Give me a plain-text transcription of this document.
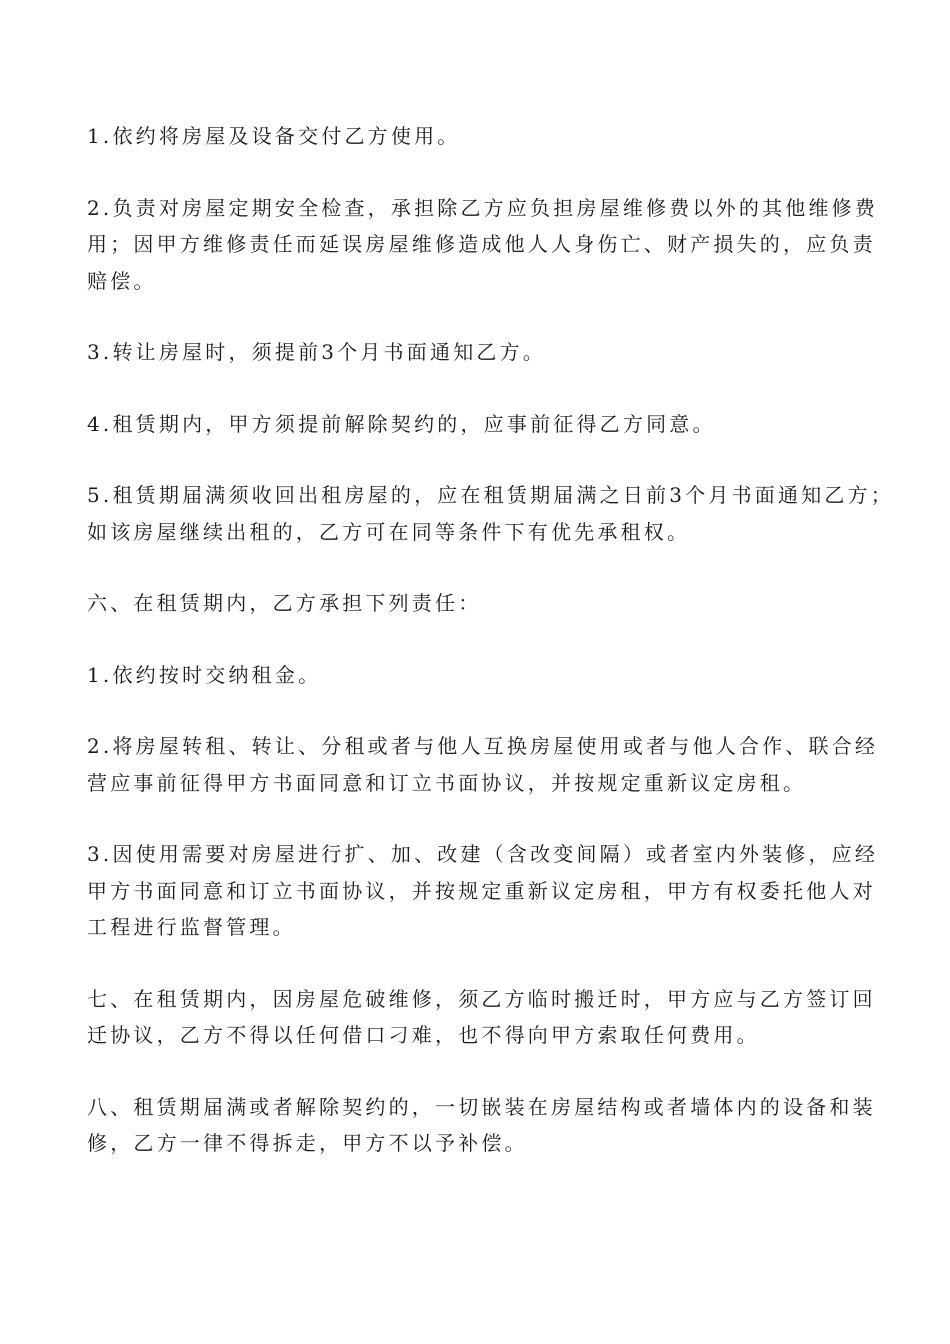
1.依约将房屋及设备交付乙方使用。

2.负责对房屋定期安全检查，承担除乙方应负担房屋维修费以外的其他维修费
用；因甲方维修责任而延误房屋维修造成他人人身伤亡、财产损失的，应负责
赔偿。

3.转让房屋时，须提前3个月书面通知乙方。

4.租赁期内，甲方须提前解除契约的，应事前征得乙方同意。

5.租赁期届满须收回出租房屋的，应在租赁期届满之日前3个月书面通知乙方；
如该房屋继续出租的，乙方可在同等条件下有优先承租权。

六、在租赁期内，乙方承担下列责任：

1.依约按时交纳租金。

2.将房屋转租、转让、分租或者与他人互换房屋使用或者与他人合作、联合经
营应事前征得甲方书面同意和订立书面协议，并按规定重新议定房租。

3.因使用需要对房屋进行扩、加、改建（含改变间隔）或者室内外装修，应经
甲方书面同意和订立书面协议，并按规定重新议定房租，甲方有权委托他人对
工程进行监督管理。

七、在租赁期内，因房屋危破维修，须乙方临时搬迁时，甲方应与乙方签订回
迁协议，乙方不得以任何借口刁难，也不得向甲方索取任何费用。

八、租赁期届满或者解除契约的，一切嵌装在房屋结构或者墙体内的设备和装
修，乙方一律不得拆走，甲方不以予补偿。
